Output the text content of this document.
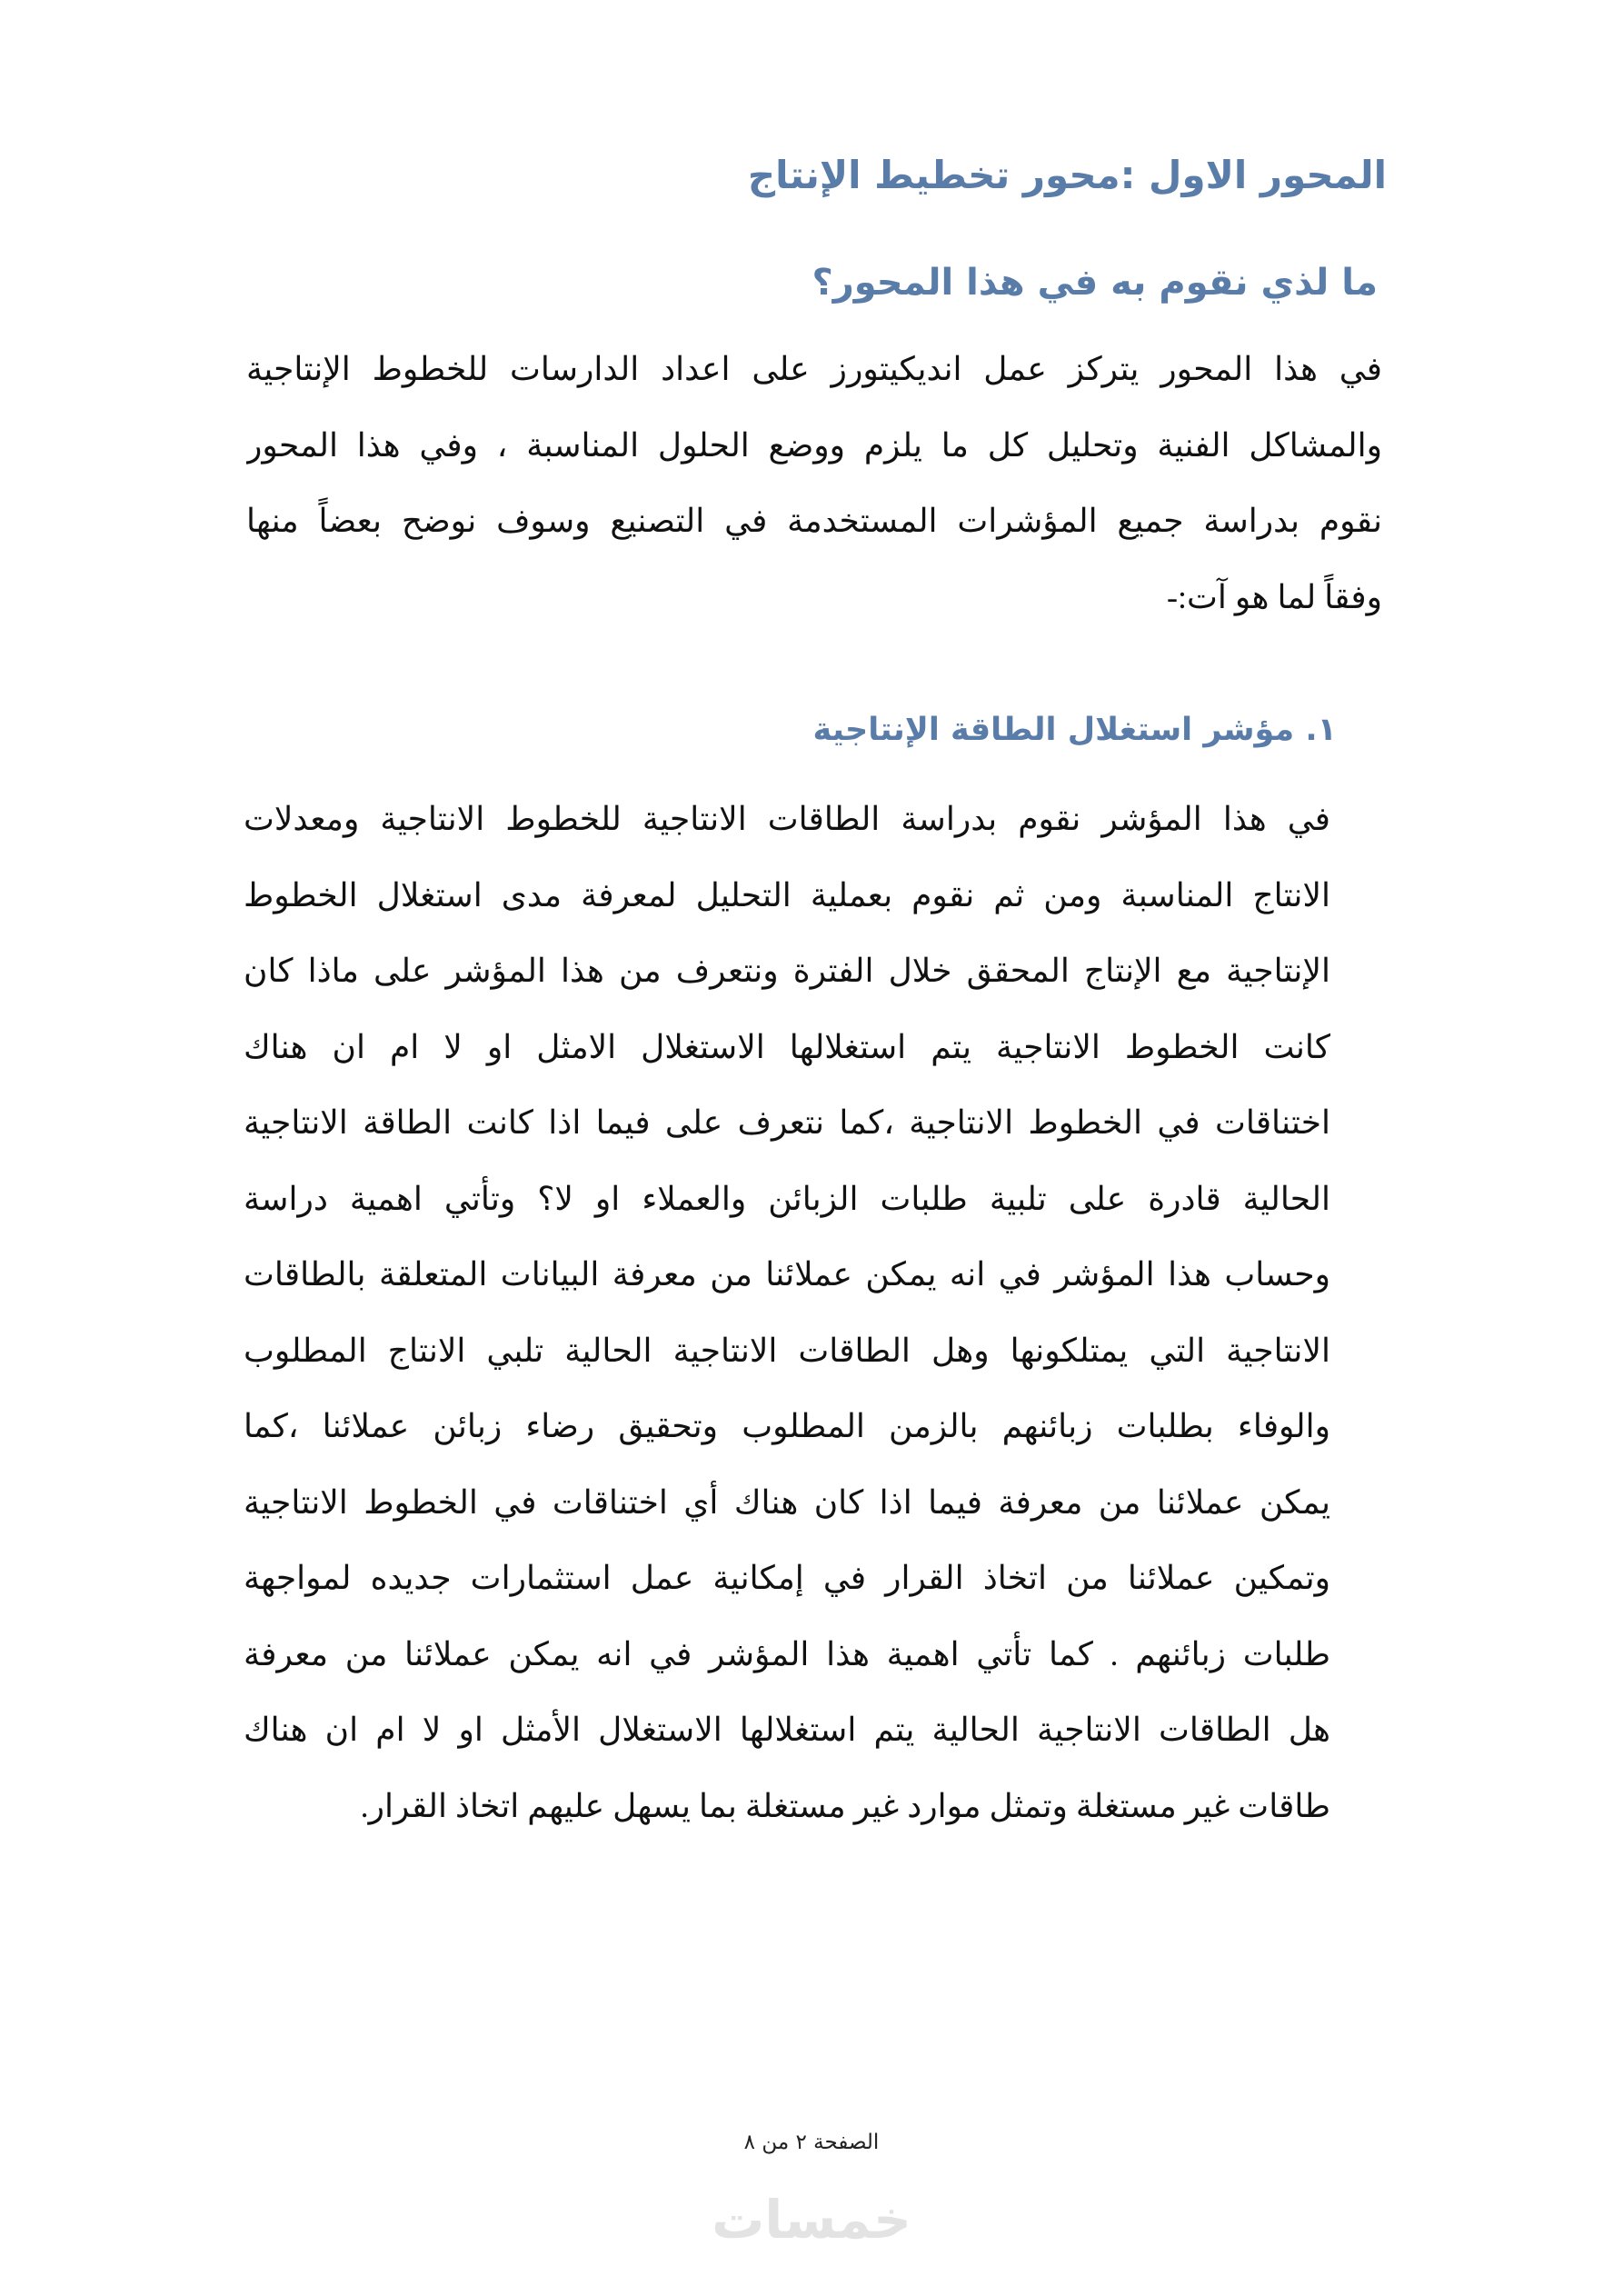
المحور الاول :محور تخطيط الإنتاج
ما لذي نقوم به في هذا المحور؟
في هذا المحور يتركز عمل انديكيتورز على اعداد الدارسات للخطوط الإنتاجية
والمشاكل الفنية وتحليل كل ما يلزم ووضع الحلول المناسبة ، وفي هذا المحور
نقوم بدراسة جميع المؤشرات المستخدمة في التصنيع وسوف نوضح بعضاً منها
وفقاً لما هو آت:-
١. مؤشر استغلال الطاقة الإنتاجية
في هذا المؤشر نقوم بدراسة الطاقات الانتاجية للخطوط الانتاجية ومعدلات
الانتاج المناسبة ومن ثم نقوم بعملية التحليل لمعرفة مدى استغلال الخطوط
الإنتاجية مع الإنتاج المحقق خلال الفترة ونتعرف من هذا المؤشر على ماذا كان
كانت الخطوط الانتاجية يتم استغلالها الاستغلال الامثل او لا ام ان هناك
اختناقات في الخطوط الانتاجية ،كما نتعرف على فيما اذا كانت الطاقة الانتاجية
الحالية قادرة على تلبية طلبات الزبائن والعملاء او لا؟ وتأتي اهمية دراسة
وحساب هذا المؤشر في انه يمكن عملائنا من معرفة البيانات المتعلقة بالطاقات
الانتاجية التي يمتلكونها وهل الطاقات الانتاجية الحالية تلبي الانتاج المطلوب
والوفاء بطلبات زبائنهم بالزمن المطلوب وتحقيق رضاء زبائن عملائنا ،كما
يمكن عملائنا من معرفة فيما اذا كان هناك أي اختناقات في الخطوط الانتاجية
وتمكين عملائنا من اتخاذ القرار في إمكانية عمل استثمارات جديده لمواجهة
طلبات زبائنهم . كما تأتي اهمية هذا المؤشر في انه يمكن عملائنا من معرفة
هل الطاقات الانتاجية الحالية يتم استغلالها الاستغلال الأمثل او لا ام ان هناك
طاقات غير مستغلة وتمثل موارد غير مستغلة بما يسهل عليهم اتخاذ القرار.
الصفحة ٢ من ٨
خمسات
